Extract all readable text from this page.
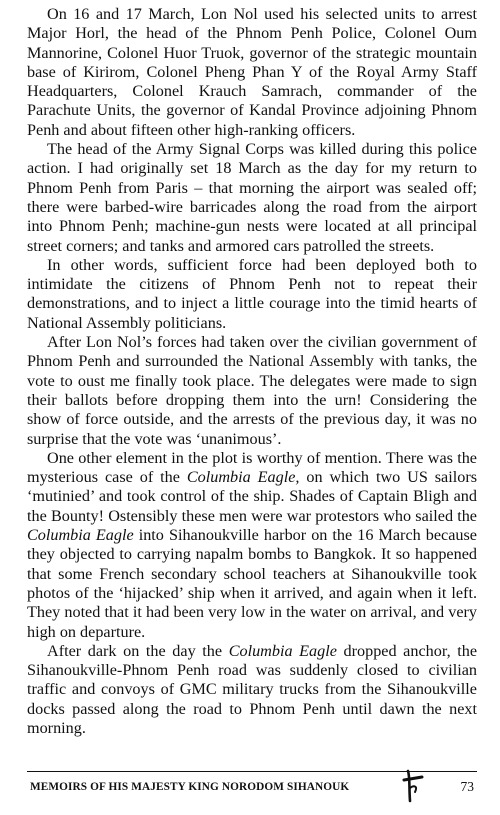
On 16 and 17 March, Lon Nol used his selected units to arrest Major Horl, the head of the Phnom Penh Police, Colonel Oum Mannorine, Colonel Huor Truok, governor of the strategic mountain base of Kirirom, Colonel Pheng Phan Y of the Royal Army Staff Headquarters, Colonel Krauch Samrach, commander of the Parachute Units, the governor of Kandal Province adjoining Phnom Penh and about fifteen other high-ranking officers.

The head of the Army Signal Corps was killed during this police action. I had originally set 18 March as the day for my return to Phnom Penh from Paris – that morning the airport was sealed off; there were barbed-wire barricades along the road from the airport into Phnom Penh; machine-gun nests were located at all principal street corners; and tanks and armored cars patrolled the streets.

In other words, sufficient force had been deployed both to intimidate the citizens of Phnom Penh not to repeat their demonstrations, and to inject a little courage into the timid hearts of National Assembly politicians.

After Lon Nol’s forces had taken over the civilian government of Phnom Penh and surrounded the National Assembly with tanks, the vote to oust me finally took place. The delegates were made to sign their ballots before dropping them into the urn! Considering the show of force outside, and the arrests of the previous day, it was no surprise that the vote was ‘unanimous’.

One other element in the plot is worthy of mention. There was the mysterious case of the Columbia Eagle, on which two US sailors ‘mutinied’ and took control of the ship. Shades of Captain Bligh and the Bounty! Ostensibly these men were war protestors who sailed the Columbia Eagle into Sihanoukville harbor on the 16 March because they objected to carrying napalm bombs to Bangkok. It so happened that some French secondary school teachers at Sihanoukville took photos of the ‘hijacked’ ship when it arrived, and again when it left. They noted that it had been very low in the water on arrival, and very high on departure.

After dark on the day the Columbia Eagle dropped anchor, the Sihanoukville-Phnom Penh road was suddenly closed to civilian traffic and convoys of GMC military trucks from the Sihanoukville docks passed along the road to Phnom Penh until dawn the next morning.

MEMOIRS OF HIS MAJESTY KING NORODOM SIHANOUK	73
